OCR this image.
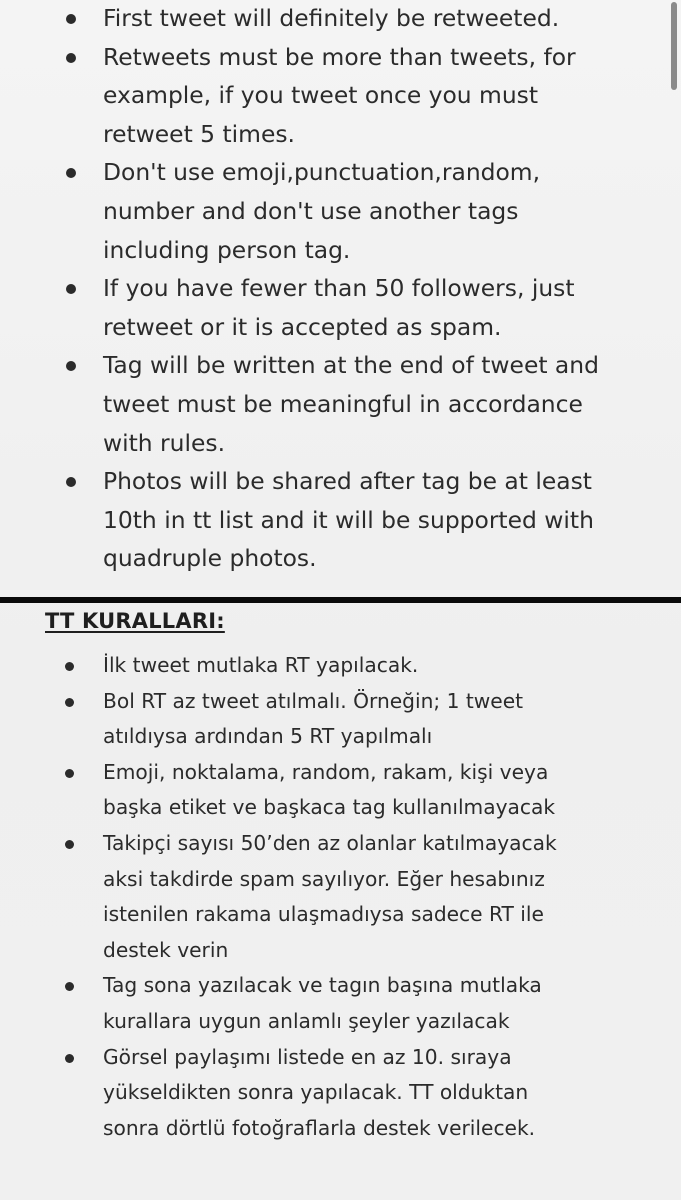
First tweet will definitely be retweeted.
Retweets must be more than tweets, for
example, if you tweet once you must
retweet 5 times.
Don't use emoji,punctuation,random,
number and don't use another tags
including person tag.
If you have fewer than 50 followers, just
retweet or it is accepted as spam.
Tag will be written at the end of tweet and
tweet must be meaningful in accordance
with rules.
Photos will be shared after tag be at least
10th in tt list and it will be supported with
quadruple photos.
TT KURALLARI:
İlk tweet mutlaka RT yapılacak.
Bol RT az tweet atılmalı. Örneğin; 1 tweet
atıldıysa ardından 5 RT yapılmalı
Emoji, noktalama, random, rakam, kişi veya
başka etiket ve başkaca tag kullanılmayacak
Takipçi sayısı 50’den az olanlar katılmayacak
aksi takdirde spam sayılıyor. Eğer hesabınız
istenilen rakama ulaşmadıysa sadece RT ile
destek verin
Tag sona yazılacak ve tagın başına mutlaka
kurallara uygun anlamlı şeyler yazılacak
Görsel paylaşımı listede en az 10. sıraya
yükseldikten sonra yapılacak. TT olduktan
sonra dörtlü fotoğraflarla destek verilecek.
